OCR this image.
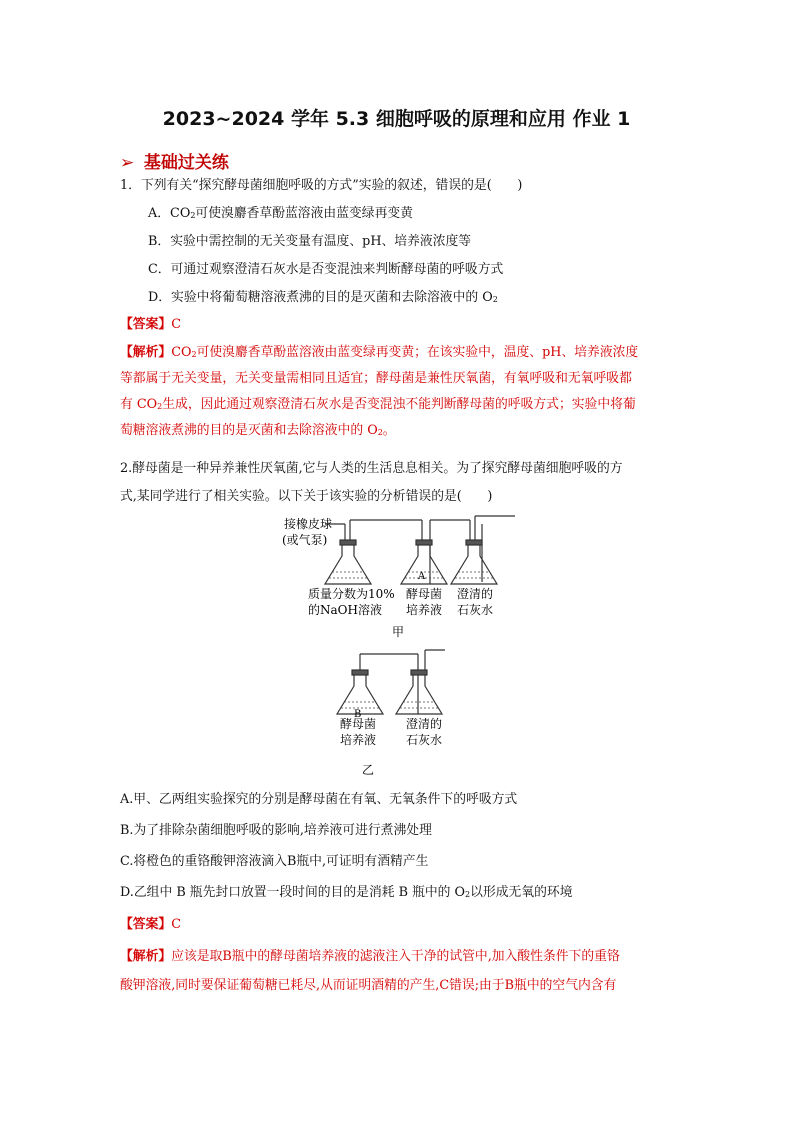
2023~2024 学年 5.3 细胞呼吸的原理和应用 作业 1
➢ 基础过关练
1．下列有关“探究酵母菌细胞呼吸的方式”实验的叙述，错误的是(　　)
A．$CO_2$可使溴麝香草酚蓝溶液由蓝变绿再变黄
B．实验中需控制的无关变量有温度、pH、培养液浓度等
C．可通过观察澄清石灰水是否变混浊来判断酵母菌的呼吸方式
D．实验中将葡萄糖溶液煮沸的目的是灭菌和去除溶液中的 $O_2$
【答案】C
【解析】$CO_2$可使溴麝香草酚蓝溶液由蓝变绿再变黄；在该实验中，温度、pH、培养液浓度
等都属于无关变量，无关变量需相同且适宜；酵母菌是兼性厌氧菌，有氧呼吸和无氧呼吸都
有 $CO_2$生成，因此通过观察澄清石灰水是否变混浊不能判断酵母菌的呼吸方式；实验中将葡
萄糖溶液煮沸的目的是灭菌和去除溶液中的 $O_2$。
2.酵母菌是一种异养兼性厌氧菌,它与人类的生活息息相关。为了探究酵母菌细胞呼吸的方
式,某同学进行了相关实验。以下关于该实验的分析错误的是(　　)
接橡皮球
(或气泵)
A
质量分数为10%
的NaOH溶液
酵母菌
培养液
澄清的
石灰水
甲
B
酵母菌
培养液
澄清的
石灰水
乙
A.甲、乙两组实验探究的分别是酵母菌在有氧、无氧条件下的呼吸方式
B.为了排除杂菌细胞呼吸的影响,培养液可进行煮沸处理
C.将橙色的重铬酸钾溶液滴入B瓶中,可证明有酒精产生
D.乙组中 B 瓶先封口放置一段时间的目的是消耗 B 瓶中的 $O_2$以形成无氧的环境
【答案】C
【解析】应该是取B瓶中的酵母菌培养液的滤液注入干净的试管中,加入酸性条件下的重铬
酸钾溶液,同时要保证葡萄糖已耗尽,从而证明酒精的产生,C错误;由于B瓶中的空气内含有
